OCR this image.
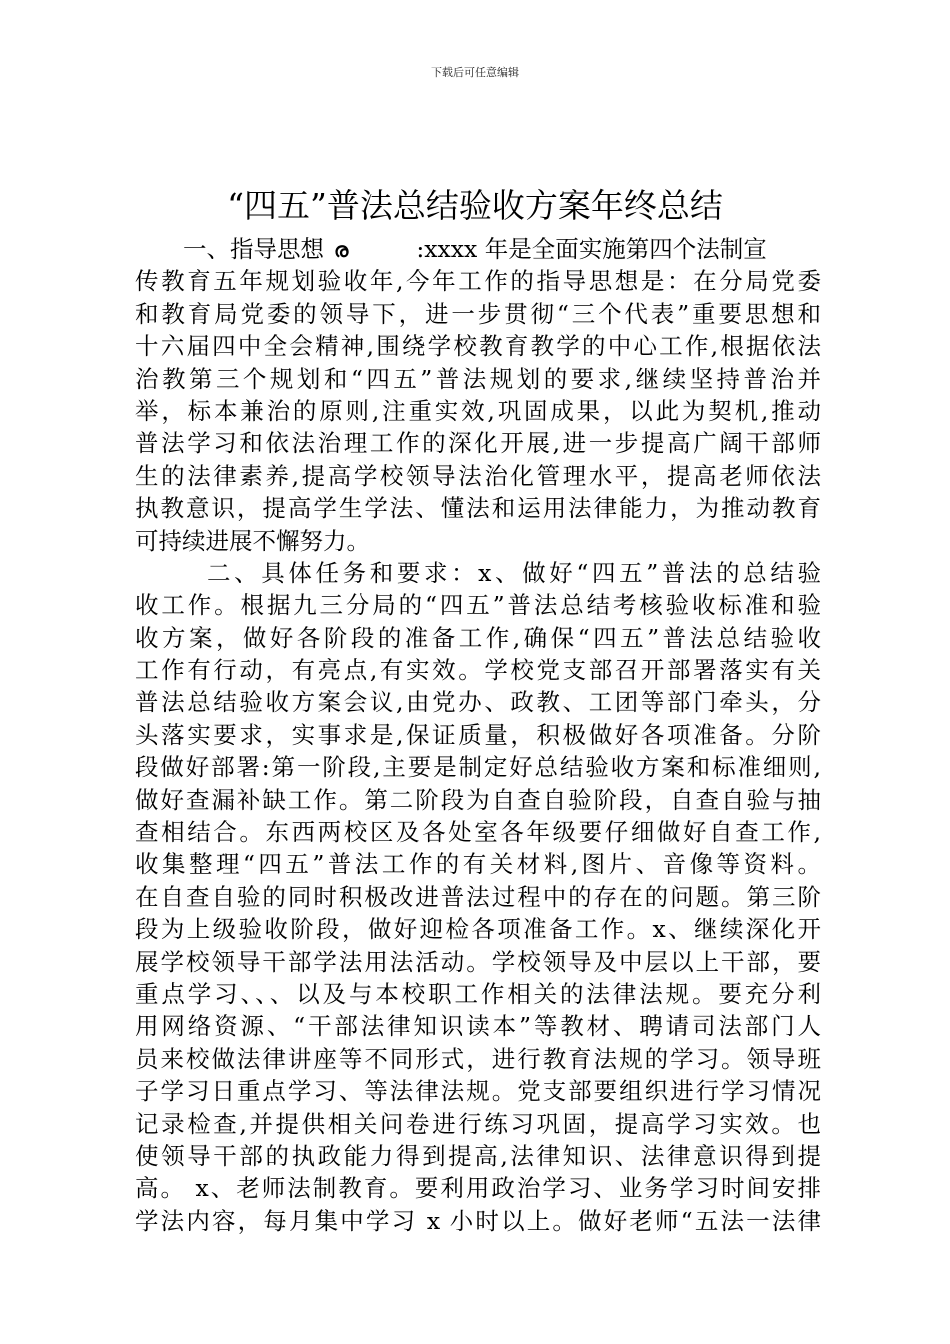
下载后可任意编辑
“四五”普法总结验收方案年终总结
一、指导思想 ര	:xxxx 年是全面实施第四个法制宣
传教育五年规划验收年,今年工作的指导思想是：在分局党委
和教育局党委的领导下，进一步贯彻“三个代表”重要思想和
十六届四中全会精神,围绕学校教育教学的中心工作,根据依法
治教第三个规划和“四五”普法规划的要求,继续坚持普治并
举，标本兼治的原则,注重实效,巩固成果，以此为契机,推动
普法学习和依法治理工作的深化开展,进一步提高广阔干部师
生的法律素养,提高学校领导法治化管理水平，提高老师依法
执教意识，提高学生学法、懂法和运用法律能力，为推动教育
可持续进展不懈努力。
二、具体任务和要求：x、做好“四五”普法的总结验
收工作。根据九三分局的“四五”普法总结考核验收标准和验
收方案，做好各阶段的准备工作,确保“四五”普法总结验收
工作有行动，有亮点,有实效。学校党支部召开部署落实有关
普法总结验收方案会议,由党办、政教、工团等部门牵头，分
头落实要求，实事求是,保证质量，积极做好各项准备。分阶
段做好部署:第一阶段,主要是制定好总结验收方案和标准细则,
做好查漏补缺工作。第二阶段为自查自验阶段，自查自验与抽
查相结合。东西两校区及各处室各年级要仔细做好自查工作,
收集整理“四五”普法工作的有关材料,图片、音像等资料。
在自查自验的同时积极改进普法过程中的存在的问题。第三阶
段为上级验收阶段，做好迎检各项准备工作。x、继续深化开
展学校领导干部学法用法活动。学校领导及中层以上干部，要
重点学习、、、以及与本校职工作相关的法律法规。要充分利
用网络资源、“干部法律知识读本”等教材、聘请司法部门人
员来校做法律讲座等不同形式，进行教育法规的学习。领导班
子学习日重点学习、等法律法规。党支部要组织进行学习情况
记录检查,并提供相关问卷进行练习巩固，提高学习实效。也
使领导干部的执政能力得到提高,法律知识、法律意识得到提
高。 x、老师法制教育。要利用政治学习、业务学习时间安排
学法内容，每月集中学习 x 小时以上。做好老师“五法一法律
